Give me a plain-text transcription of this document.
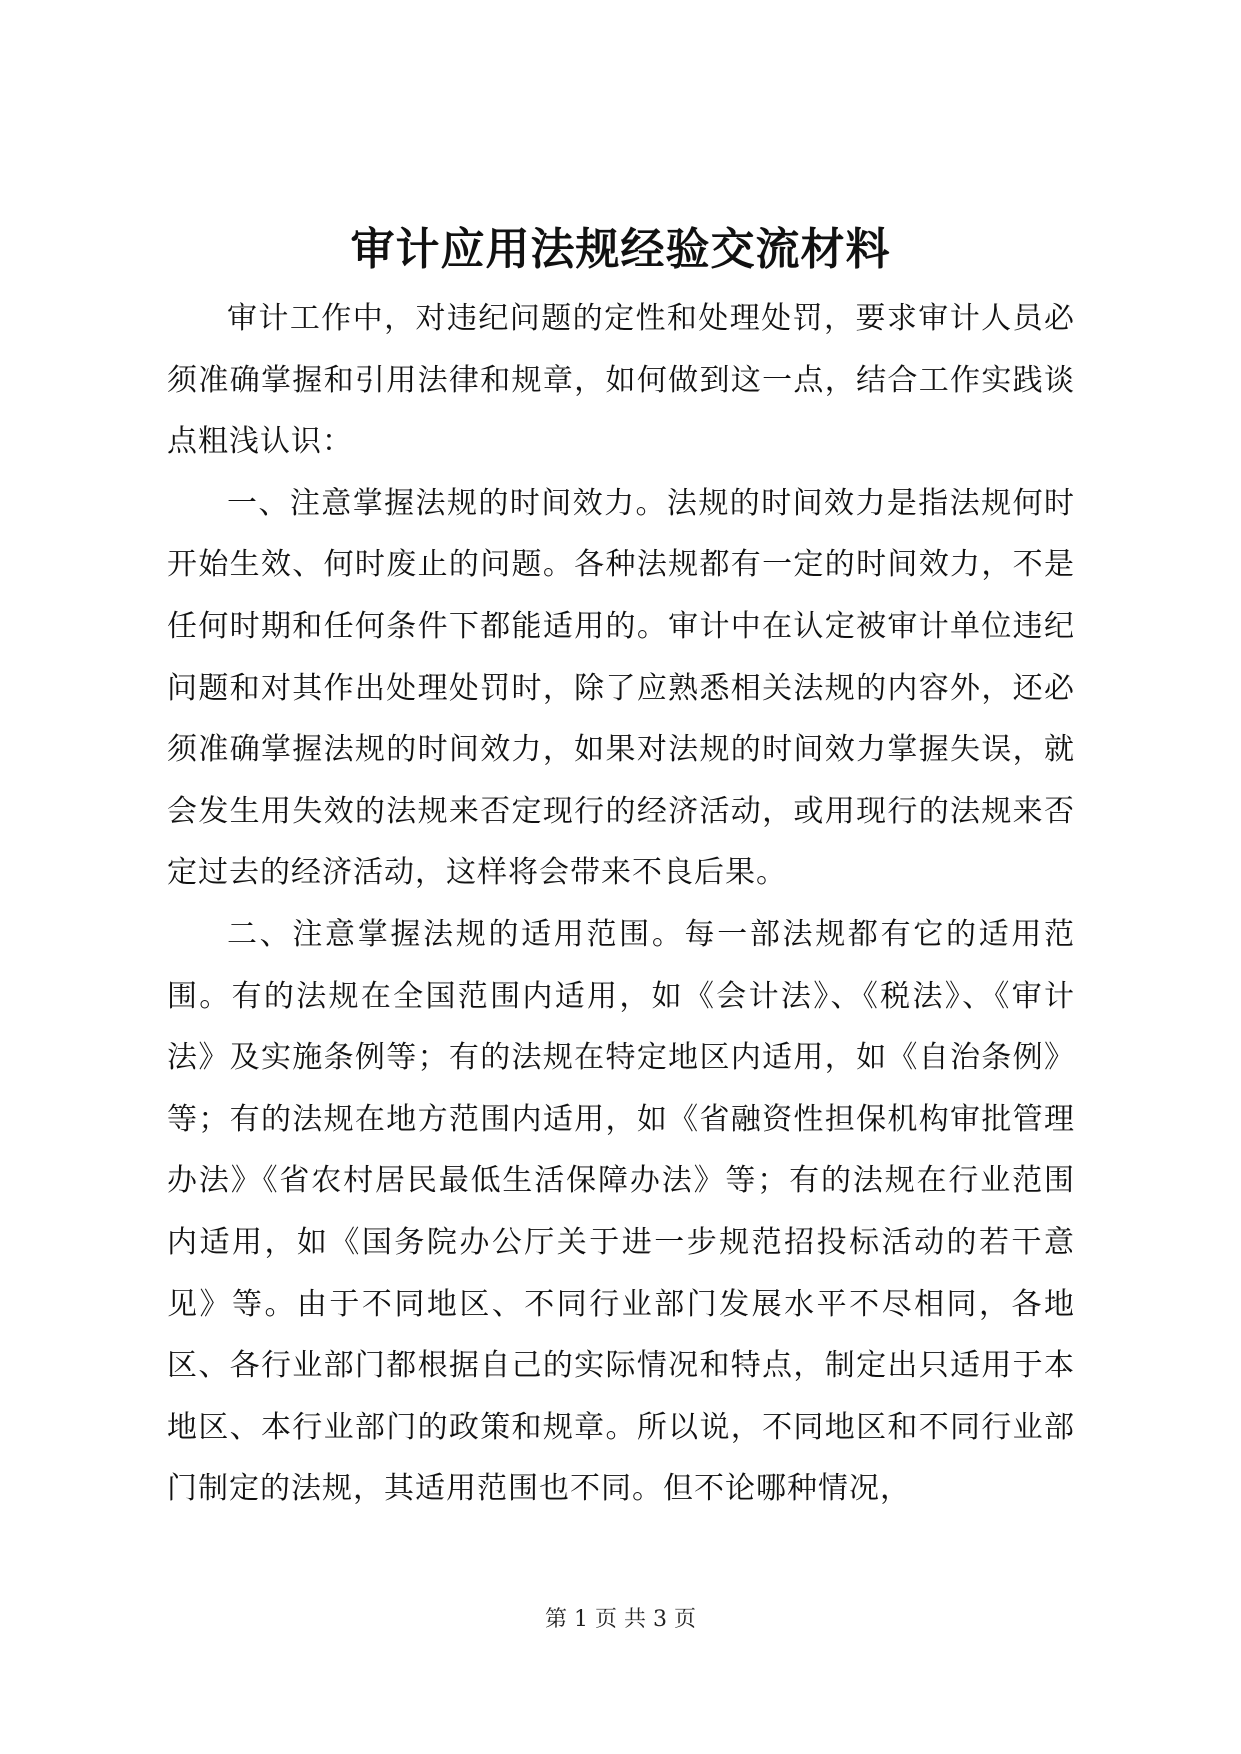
审计应用法规经验交流材料

审计工作中，对违纪问题的定性和处理处罚，要求审计人员必须准确掌握和引用法律和规章，如何做到这一点，结合工作实践谈点粗浅认识：

一、注意掌握法规的时间效力。法规的时间效力是指法规何时开始生效、何时废止的问题。各种法规都有一定的时间效力，不是任何时期和任何条件下都能适用的。审计中在认定被审计单位违纪问题和对其作出处理处罚时，除了应熟悉相关法规的内容外，还必须准确掌握法规的时间效力，如果对法规的时间效力掌握失误，就会发生用失效的法规来否定现行的经济活动，或用现行的法规来否定过去的经济活动，这样将会带来不良后果。

二、注意掌握法规的适用范围。每一部法规都有它的适用范围。有的法规在全国范围内适用，如《会计法》、《税法》、《审计法》及实施条例等；有的法规在特定地区内适用，如《自治条例》等；有的法规在地方范围内适用，如《省融资性担保机构审批管理办法》《省农村居民最低生活保障办法》等；有的法规在行业范围内适用，如《国务院办公厅关于进一步规范招投标活动的若干意见》等。由于不同地区、不同行业部门发展水平不尽相同，各地区、各行业部门都根据自己的实际情况和特点，制定出只适用于本地区、本行业部门的政策和规章。所以说，不同地区和不同行业部门制定的法规，其适用范围也不同。但不论哪种情况，

第 1 页 共 3 页
